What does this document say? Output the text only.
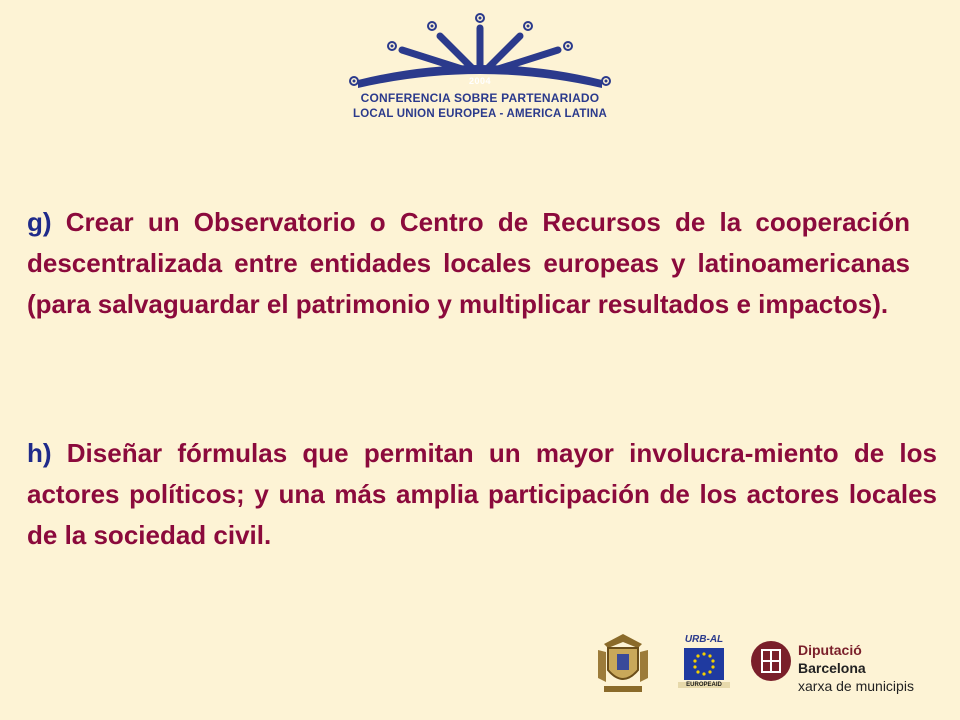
2004
CONFERENCIA SOBRE PARTENARIADO
LOCAL UNION EUROPEA - AMERICA LATINA
g) Crear un Observatorio o Centro de Recursos de la cooperación descentralizada entre entidades locales europeas y latinoamericanas (para salvaguardar el patrimonio y multiplicar resultados e impactos).
h) Diseñar fórmulas que permitan un mayor involucra-miento de los actores políticos; y una más amplia participación de los actores locales de la sociedad civil.
URB-AL
EUROPEAID
Diputació
Barcelona
xarxa de municipis
